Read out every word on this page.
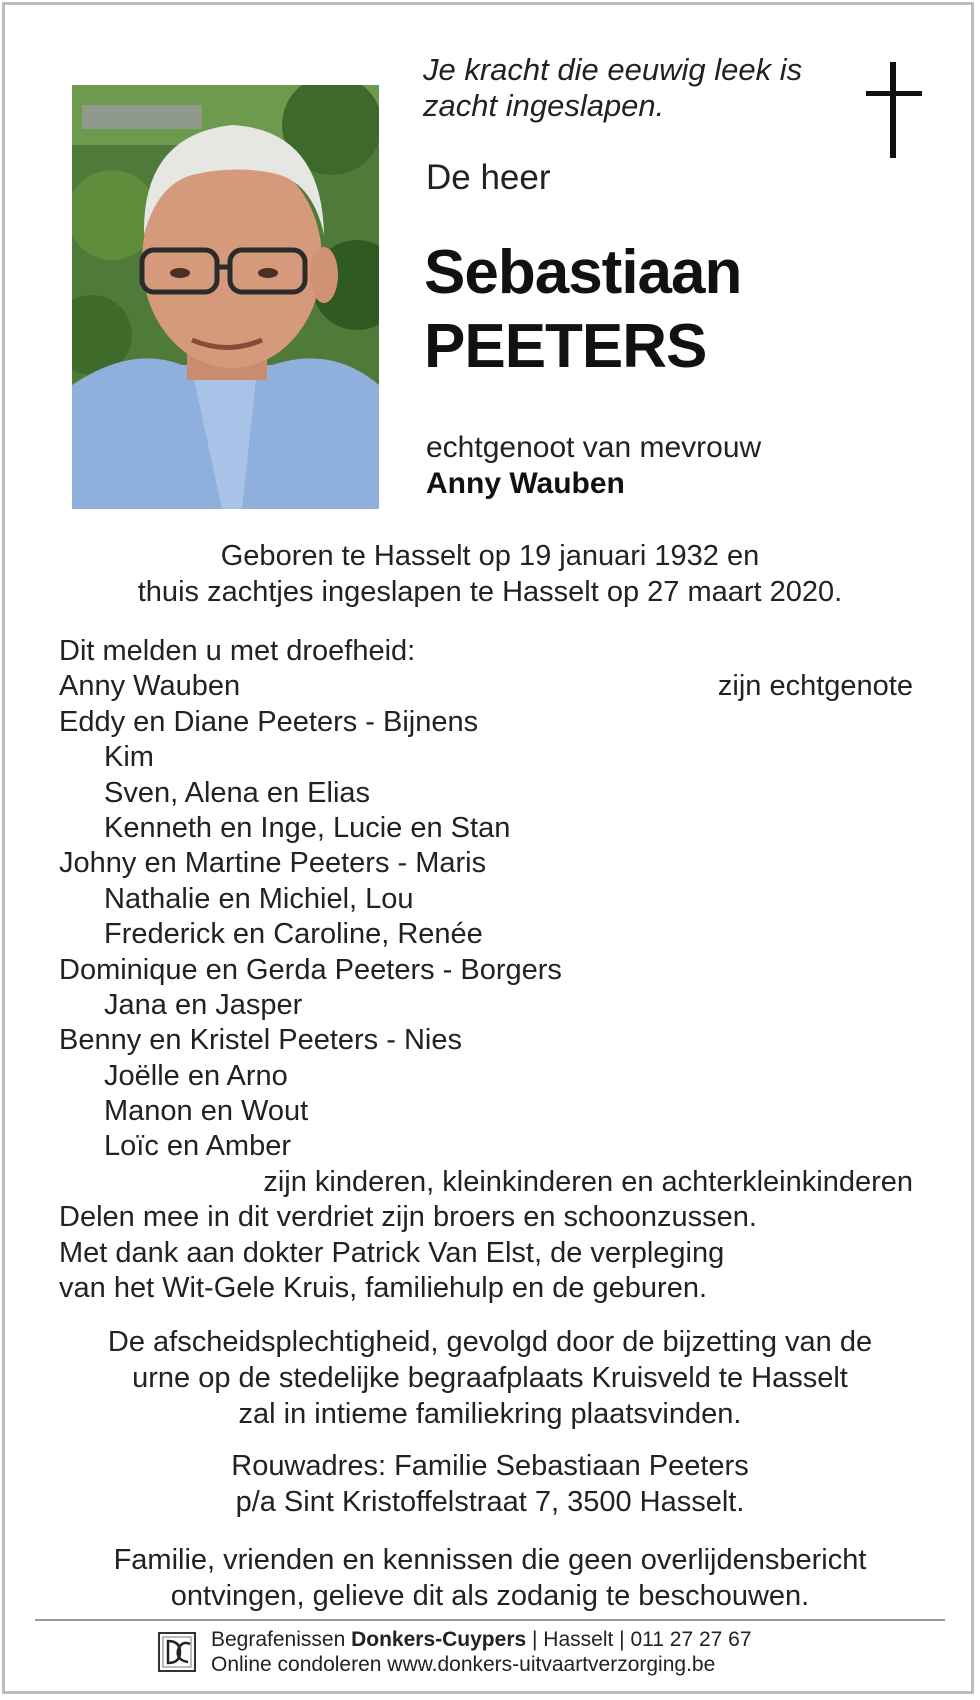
Je kracht die eeuwig leek is
zacht ingeslapen.
De heer
Sebastiaan
PEETERS
echtgenoot van mevrouw
Anny Wauben
Geboren te Hasselt op 19 januari 1932 en
thuis zachtjes ingeslapen te Hasselt op 27 maart 2020.
Dit melden u met droefheid:
Anny Wauben	zijn echtgenote
Eddy en Diane Peeters - Bijnens
Kim
Sven, Alena en Elias
Kenneth en Inge, Lucie en Stan
Johny en Martine Peeters - Maris
Nathalie en Michiel, Lou
Frederick en Caroline, Renée
Dominique en Gerda Peeters - Borgers
Jana en Jasper
Benny en Kristel Peeters - Nies
Joëlle en Arno
Manon en Wout
Loïc en Amber
zijn kinderen, kleinkinderen en achterkleinkinderen
Delen mee in dit verdriet zijn broers en schoonzussen.
Met dank aan dokter Patrick Van Elst, de verpleging
van het Wit-Gele Kruis, familiehulp en de geburen.
De afscheidsplechtigheid, gevolgd door de bijzetting van de
urne op de stedelijke begraafplaats Kruisveld te Hasselt
zal in intieme familiekring plaatsvinden.
Rouwadres: Familie Sebastiaan Peeters
p/a Sint Kristoffelstraat 7, 3500 Hasselt.
Familie, vrienden en kennissen die geen overlijdensbericht
ontvingen, gelieve dit als zodanig te beschouwen.
Begrafenissen Donkers-Cuypers | Hasselt | 011 27 27 67
Online condoleren www.donkers-uitvaartverzorging.be
